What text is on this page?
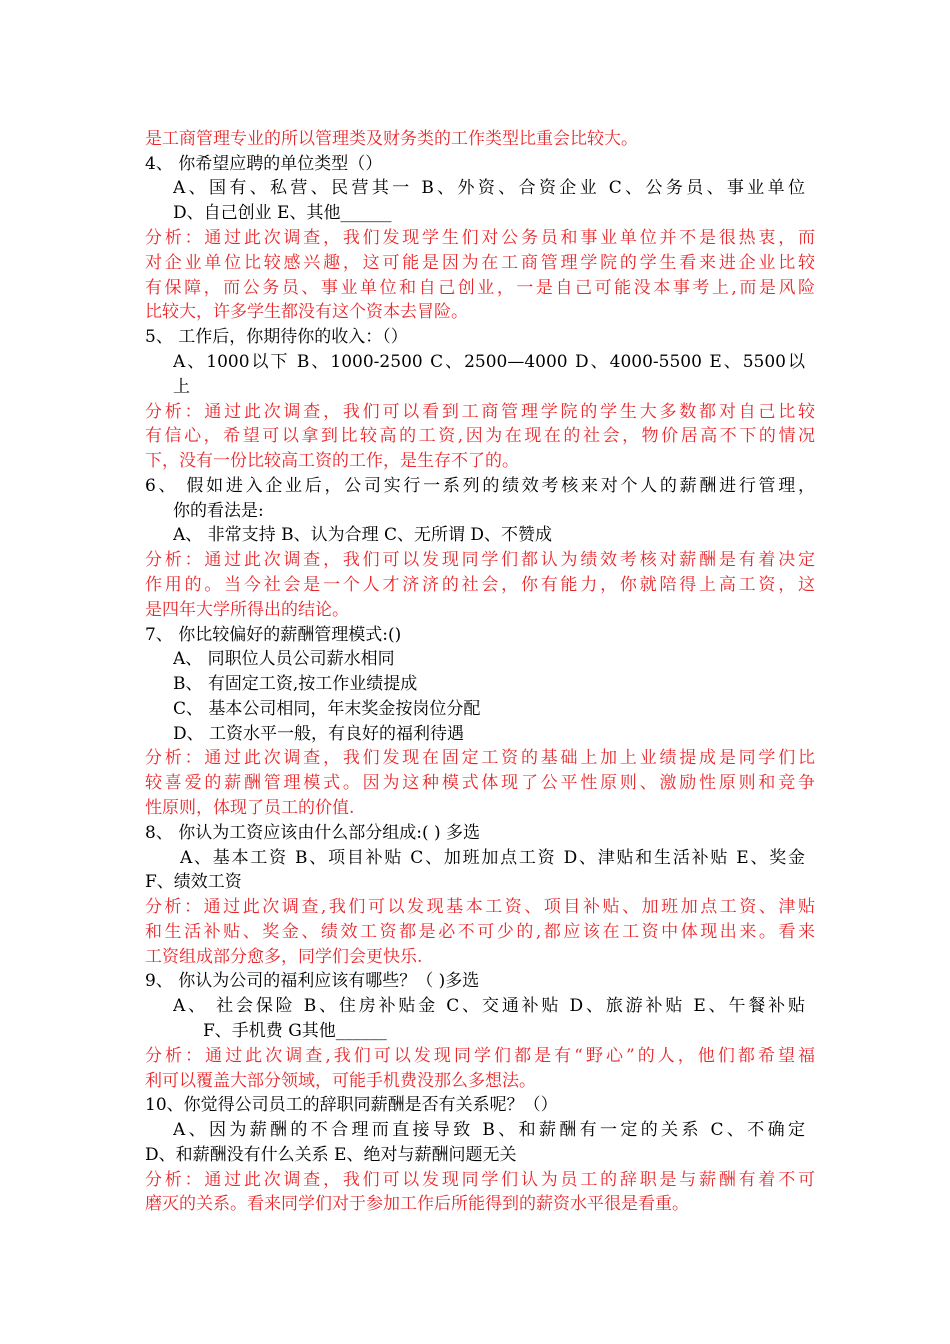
是工商管理专业的所以管理类及财务类的工作类型比重会比较大。
4、 你希望应聘的单位类型（）
A、国有、私营、民营其一 B、外资、合资企业 C、公务员、事业单位
D、自己创业 E、其他______
分析：通过此次调查，我们发现学生们对公务员和事业单位并不是很热衷，而
对企业单位比较感兴趣，这可能是因为在工商管理学院的学生看来进企业比较
有保障，而公务员、事业单位和自己创业，一是自己可能没本事考上,而是风险
比较大，许多学生都没有这个资本去冒险。
5、 工作后，你期待你的收入：（）
A、1000以下 B、1000-2500 C、2500—4000 D、4000-5500 E、5500以
上
分析：通过此次调查，我们可以看到工商管理学院的学生大多数都对自己比较
有信心，希望可以拿到比较高的工资,因为在现在的社会，物价居高不下的情况
下，没有一份比较高工资的工作，是生存不了的。
6、 假如进入企业后，公司实行一系列的绩效考核来对个人的薪酬进行管理，
你的看法是:
A、 非常支持 B、认为合理 C、无所谓 D、不赞成
分析：通过此次调查，我们可以发现同学们都认为绩效考核对薪酬是有着决定
作用的。当今社会是一个人才济济的社会，你有能力，你就陪得上高工资，这
是四年大学所得出的结论。
7、 你比较偏好的薪酬管理模式:()
A、 同职位人员公司薪水相同
B、 有固定工资,按工作业绩提成
C、 基本公司相同，年末奖金按岗位分配
D、 工资水平一般，有良好的福利待遇
分析：通过此次调查，我们发现在固定工资的基础上加上业绩提成是同学们比
较喜爱的薪酬管理模式。因为这种模式体现了公平性原则、激励性原则和竞争
性原则，体现了员工的价值.
8、 你认为工资应该由什么部分组成:( ) 多选
A、基本工资 B、项目补贴 C、加班加点工资 D、津贴和生活补贴 E、奖金
F、绩效工资
分析：通过此次调查,我们可以发现基本工资、项目补贴、加班加点工资、津贴
和生活补贴、奖金、绩效工资都是必不可少的,都应该在工资中体现出来。看来
工资组成部分愈多，同学们会更快乐.
9、 你认为公司的福利应该有哪些？（ )多选
A、 社会保险 B、住房补贴金 C、交通补贴 D、旅游补贴 E、午餐补贴
F、手机费 G其他______
分析：通过此次调查,我们可以发现同学们都是有“野心”的人，他们都希望福
利可以覆盖大部分领域，可能手机费没那么多想法。
10、你觉得公司员工的辞职同薪酬是否有关系呢？（）
A、因为薪酬的不合理而直接导致 B、和薪酬有一定的关系 C、不确定
D、和薪酬没有什么关系 E、绝对与薪酬问题无关
分析：通过此次调查，我们可以发现同学们认为员工的辞职是与薪酬有着不可
磨灭的关系。看来同学们对于参加工作后所能得到的薪资水平很是看重。
